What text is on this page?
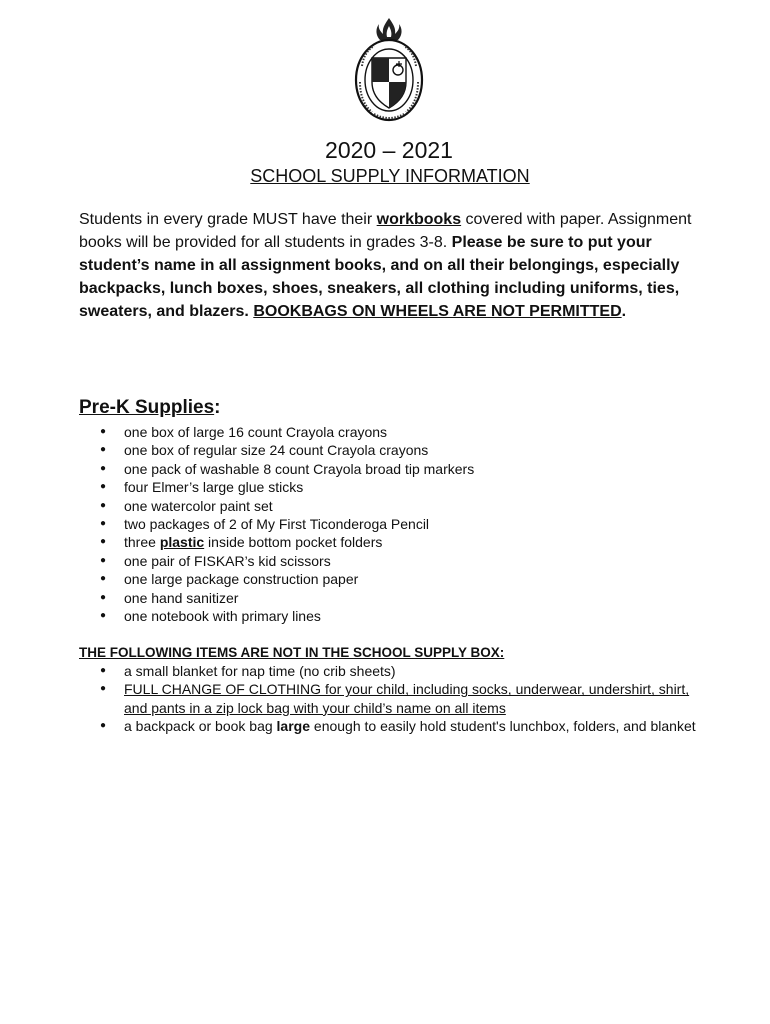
2020 – 2021
SCHOOL SUPPLY INFORMATION
Students in every grade MUST have their workbooks covered with paper. Assignment books will be provided for all students in grades 3-8. Please be sure to put your student’s name in all assignment books, and on all their belongings, especially backpacks, lunch boxes, shoes, sneakers, all clothing including uniforms, ties, sweaters, and blazers. BOOKBAGS ON WHEELS ARE NOT PERMITTED.
Pre-K Supplies:
● one box of large 16 count Crayola crayons
● one box of regular size 24 count Crayola crayons
● one pack of washable 8 count Crayola broad tip markers
● four Elmer’s large glue sticks
● one watercolor paint set
● two packages of 2 of My First Ticonderoga Pencil
● three plastic inside bottom pocket folders
● one pair of FISKAR’s kid scissors
● one large package construction paper
● one hand sanitizer
● one notebook with primary lines
THE FOLLOWING ITEMS ARE NOT IN THE SCHOOL SUPPLY BOX:
● a small blanket for nap time (no crib sheets)
● FULL CHANGE OF CLOTHING for your child, including socks, underwear, undershirt, shirt, and pants in a zip lock bag with your child’s name on all items
● a backpack or book bag large enough to easily hold student's lunchbox, folders, and blanket
